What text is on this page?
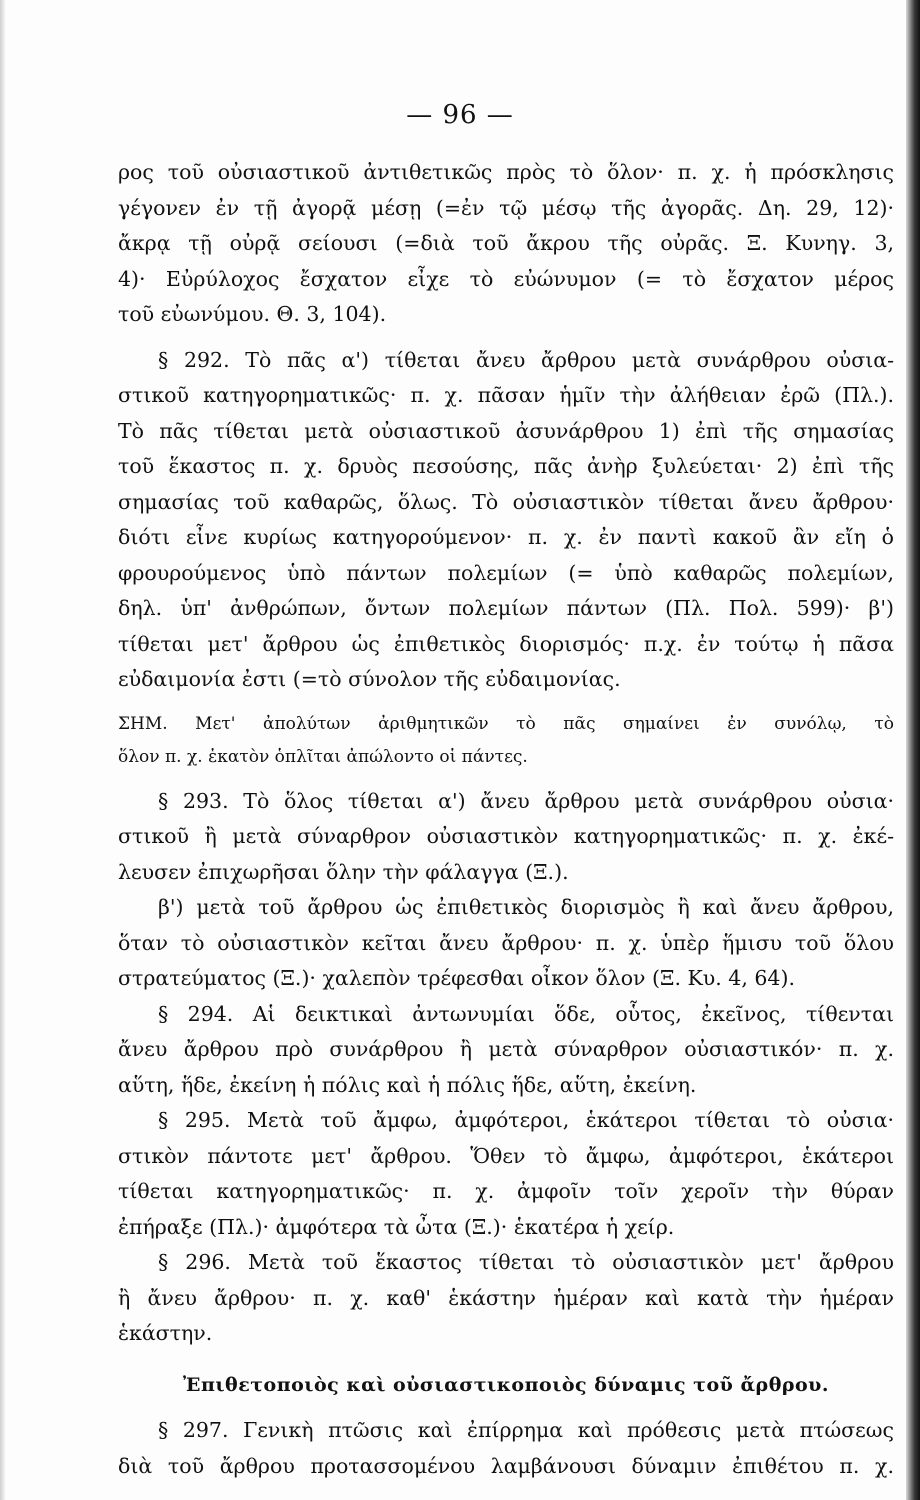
— 96 —
ρος τοῦ οὐσιαστικοῦ ἀντιθετικῶς πρὸς τὸ ὅλον· π. χ. ἡ πρόσκλησις
γέγονεν ἐν τῇ ἀγορᾷ μέσῃ (=ἐν τῷ μέσῳ τῆς ἀγορᾶς. Δη. 29, 12)·
ἄκρᾳ τῇ οὐρᾷ σείουσι (=διὰ τοῦ ἄκρου τῆς οὐρᾶς. Ξ. Κυνηγ. 3,
4)· Εὐρύλοχος ἔσχατον εἶχε τὸ εὐώνυμον (= τὸ ἔσχατον μέρος
τοῦ εὐωνύμου. Θ. 3, 104).
§ 292. Τὸ πᾶς α') τίθεται ἄνευ ἄρθρου μετὰ συνάρθρου οὐσια-
στικοῦ κατηγορηματικῶς· π. χ. πᾶσαν ἡμῖν τὴν ἀλήθειαν ἐρῶ (Πλ.).
Τὸ πᾶς τίθεται μετὰ οὐσιαστικοῦ ἀσυνάρθρου 1) ἐπὶ τῆς σημασίας
τοῦ ἕκαστος π. χ. δρυὸς πεσούσης, πᾶς ἀνὴρ ξυλεύεται· 2) ἐπὶ τῆς
σημασίας τοῦ καθαρῶς, ὅλως. Τὸ οὐσιαστικὸν τίθεται ἄνευ ἄρθρου·
διότι εἶνε κυρίως κατηγορούμενον· π. χ. ἐν παντὶ κακοῦ ἂν εἴη ὁ
φρουρούμενος ὑπὸ πάντων πολεμίων (= ὑπὸ καθαρῶς πολεμίων,
δηλ. ὑπ' ἀνθρώπων, ὄντων πολεμίων πάντων (Πλ. Πολ. 599)· β')
τίθεται μετ' ἄρθρου ὡς ἐπιθετικὸς διορισμός· π.χ. ἐν τούτῳ ἡ πᾶσα
εὐδαιμονία ἐστι (=τὸ σύνολον τῆς εὐδαιμονίας.
ΣΗΜ. Μετ' ἀπολύτων ἀριθμητικῶν τὸ πᾶς σημαίνει ἐν συνόλῳ, τὸ
ὅλον π. χ. ἑκατὸν ὁπλῖται ἀπώλοντο οἱ πάντες.
§ 293. Τὸ ὅλος τίθεται α') ἄνευ ἄρθρου μετὰ συνάρθρου οὐσια·
στικοῦ ἢ μετὰ σύναρθρον οὐσιαστικὸν κατηγορηματικῶς· π. χ. ἐκέ-
λευσεν ἐπιχωρῆσαι ὅλην τὴν φάλαγγα (Ξ.).
β') μετὰ τοῦ ἄρθρου ὡς ἐπιθετικὸς διορισμὸς ἢ καὶ ἄνευ ἄρθρου,
ὅταν τὸ οὐσιαστικὸν κεῖται ἄνευ ἄρθρου· π. χ. ὑπὲρ ἥμισυ τοῦ ὅλου
στρατεύματος (Ξ.)· χαλεπὸν τρέφεσθαι οἶκον ὅλον (Ξ. Κυ. 4, 64).
§ 294. Αἱ δεικτικαὶ ἀντωνυμίαι ὅδε, οὗτος, ἐκεῖνος, τίθενται
ἄνευ ἄρθρου πρὸ συνάρθρου ἢ μετὰ σύναρθρον οὐσιαστικόν· π. χ.
αὕτη, ἥδε, ἐκείνη ἡ πόλις καὶ ἡ πόλις ἥδε, αὕτη, ἐκείνη.
§ 295. Μετὰ τοῦ ἄμφω, ἀμφότεροι, ἑκάτεροι τίθεται τὸ οὐσια·
στικὸν πάντοτε μετ' ἄρθρου. Ὅθεν τὸ ἄμφω, ἀμφότεροι, ἑκάτεροι
τίθεται κατηγορηματικῶς· π. χ. ἀμφοῖν τοῖν χεροῖν τὴν θύραν
ἐπήραξε (Πλ.)· ἀμφότερα τὰ ὦτα (Ξ.)· ἑκατέρα ἡ χείρ.
§ 296. Μετὰ τοῦ ἕκαστος τίθεται τὸ οὐσιαστικὸν μετ' ἄρθρου
ἢ ἄνευ ἄρθρου· π. χ. καθ' ἑκάστην ἡμέραν καὶ κατὰ τὴν ἡμέραν
ἑκάστην.
Ἐπιθετοποιὸς καὶ οὐσιαστικοποιὸς δύναμις τοῦ ἄρθρου.
§ 297. Γενικὴ πτῶσις καὶ ἐπίρρημα καὶ πρόθεσις μετὰ πτώσεως
διὰ τοῦ ἄρθρου προτασσομένου λαμβάνουσι δύναμιν ἐπιθέτου π. χ.
